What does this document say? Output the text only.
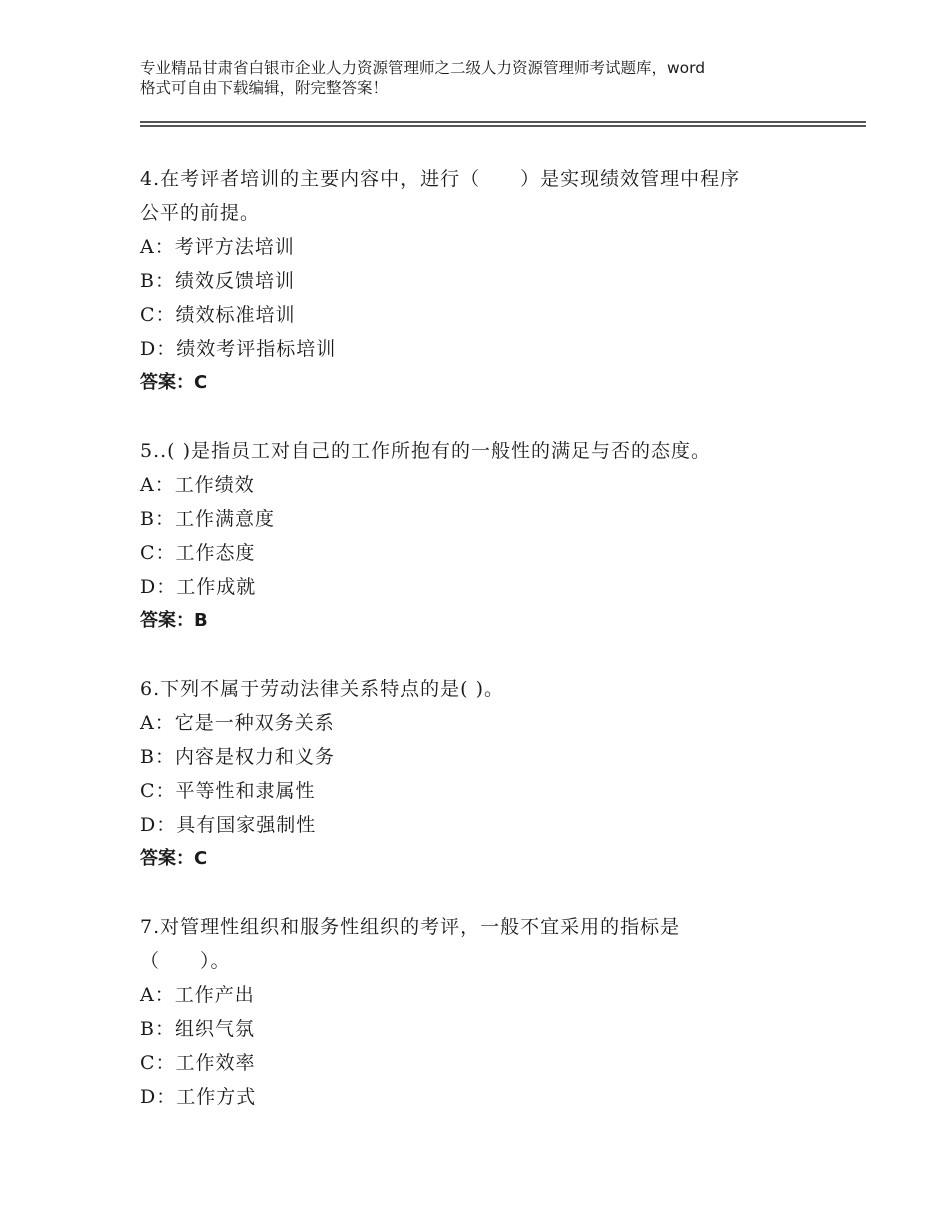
专业精品甘肃省白银市企业人力资源管理师之二级人力资源管理师考试题库，word
格式可自由下载编辑，附完整答案！

4.在考评者培训的主要内容中，进行（　　）是实现绩效管理中程序

公平的前提。

A：考评方法培训

B：绩效反馈培训

C：绩效标准培训

D：绩效考评指标培训

答案：C

5..( )是指员工对自己的工作所抱有的一般性的满足与否的态度。

A：工作绩效

B：工作满意度

C：工作态度

D：工作成就

答案：B

6.下列不属于劳动法律关系特点的是( )。

A：它是一种双务关系

B：内容是权力和义务

C：平等性和隶属性

D：具有国家强制性

答案：C

7.对管理性组织和服务性组织的考评，一般不宜采用的指标是

（　　）。

A：工作产出

B：组织气氛

C：工作效率

D：工作方式
